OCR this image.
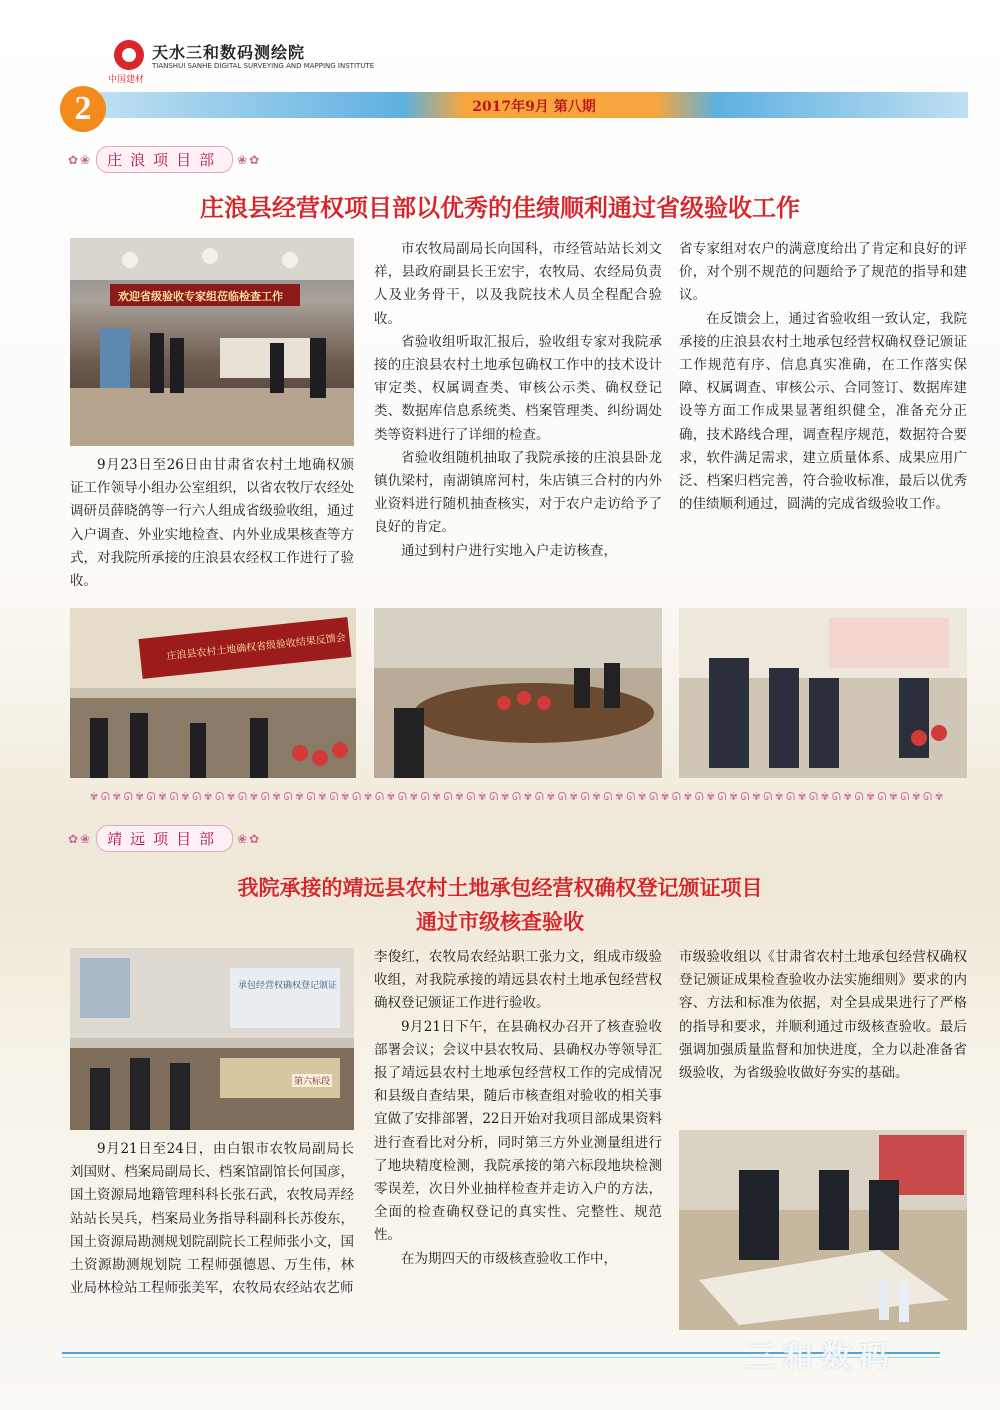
中国建材
天水三和数码测绘院
TIANSHUI SANHE DIGITAL SURVEYING AND MAPPING INSTITUTE
2017年9月 第八期
2
✿❀	庄浪项目部	❀✿
庄浪县经营权项目部以优秀的佳绩顺利通过省级验收工作
欢迎省级验收专家组莅临检查工作

9月23日至26日由甘肃省农村土地确权颁证工作领导小组办公室组织，以省农牧厅农经处调研员薛晓鸽等一行六人组成省级验收组，通过入户调查、外业实地检查、内外业成果核查等方式，对我院所承接的庄浪县农经权工作进行了验收。

市农牧局副局长向国科，市经管站站长刘文祥，县政府副县长王宏宇，农牧局、农经局负责人及业务骨干，以及我院技术人员全程配合验收。

省验收组听取汇报后，验收组专家对我院承接的庄浪县农村土地承包确权工作中的技术设计审定类、权属调查类、审核公示类、确权登记类、数据库信息系统类、档案管理类、纠纷调处类等资料进行了详细的检查。

省验收组随机抽取了我院承接的庄浪县卧龙镇仇梁村，南湖镇席河村，朱店镇三合村的内外业资料进行随机抽查核实，对于农户走访给予了良好的肯定。

通过到村户进行实地入户走访核查，

省专家组对农户的满意度给出了肯定和良好的评价，对个别不规范的问题给予了规范的指导和建议。

在反馈会上，通过省验收组一致认定，我院承接的庄浪县农村土地承包经营权确权登记颁证工作规范有序、信息真实准确，在工作落实保障、权属调查、审核公示、合同签订、数据库建设等方面工作成果显著组织健全，准备充分正确，技术路线合理，调查程序规范，数据符合要求，软件满足需求，建立质量体系、成果应用广泛、档案归档完善，符合验收标准，最后以优秀的佳绩顺利通过，圆满的完成省级验收工作。

庄浪县农村土地确权省级验收结果反馈会
✾ᘏ✾ᘏ✾ᘏ✾ᘏ✾ᘏ✾ᘏ✾ᘏ✾ᘏ✾ᘏ✾ᘏ✾ᘏ✾ᘏ✾ᘏ✾ᘏ✾ᘏ✾ᘏ✾ᘏ✾ᘏ✾ᘏ✾ᘏ✾ᘏ✾ᘏ✾ᘏ✾ᘏ✾ᘏ✾ᘏ✾ᘏ✾ᘏ✾ᘏ✾ᘏ✾ᘏ✾ᘏ✾ᘏ✾ᘏ✾ᘏ✾ᘏ✾ᘏ✾
✿❀	靖远项目部	❀✿
我院承接的靖远县农村土地承包经营权确权登记颁证项目
通过市级核查验收
承包经营权确权登记颁证
第六标段

9月21日至24日，由白银市农牧局副局长刘国财、档案局副局长、档案馆副馆长何国彦，国土资源局地籍管理科科长张石武，农牧局弄经站站长吴兵，档案局业务指导科副科长苏俊东，国土资源局勘测规划院副院长工程师张小文，国土资源勘测规划院 工程师强德恩、万生伟，林业局林检站工程师张美军，农牧局农经站农艺师

李俊红，农牧局农经站职工张力文，组成市级验收组，对我院承接的靖远县农村土地承包经营权确权登记颁证工作进行验收。

9月21日下午，在县确权办召开了核查验收部署会议；会议中县农牧局、县确权办等领导汇报了靖远县农村土地承包经营权工作的完成情况和县级自查结果，随后市核查组对验收的相关事宜做了安排部署，22日开始对我项目部成果资料进行查看比对分析，同时第三方外业测量组进行了地块精度检测，我院承接的第六标段地块检测零误差，次日外业抽样检查并走访入户的方法，全面的检查确权登记的真实性、完整性、规范性。

在为期四天的市级核查验收工作中，

市级验收组以《甘肃省农村土地承包经营权确权登记颁证成果检查验收办法实施细则》要求的内容、方法和标准为依据，对全县成果进行了严格的指导和要求，并顺利通过市级核查验收。最后强调加强质量监督和加快进度，全力以赴准备省级验收，为省级验收做好夯实的基础。

三和数码
